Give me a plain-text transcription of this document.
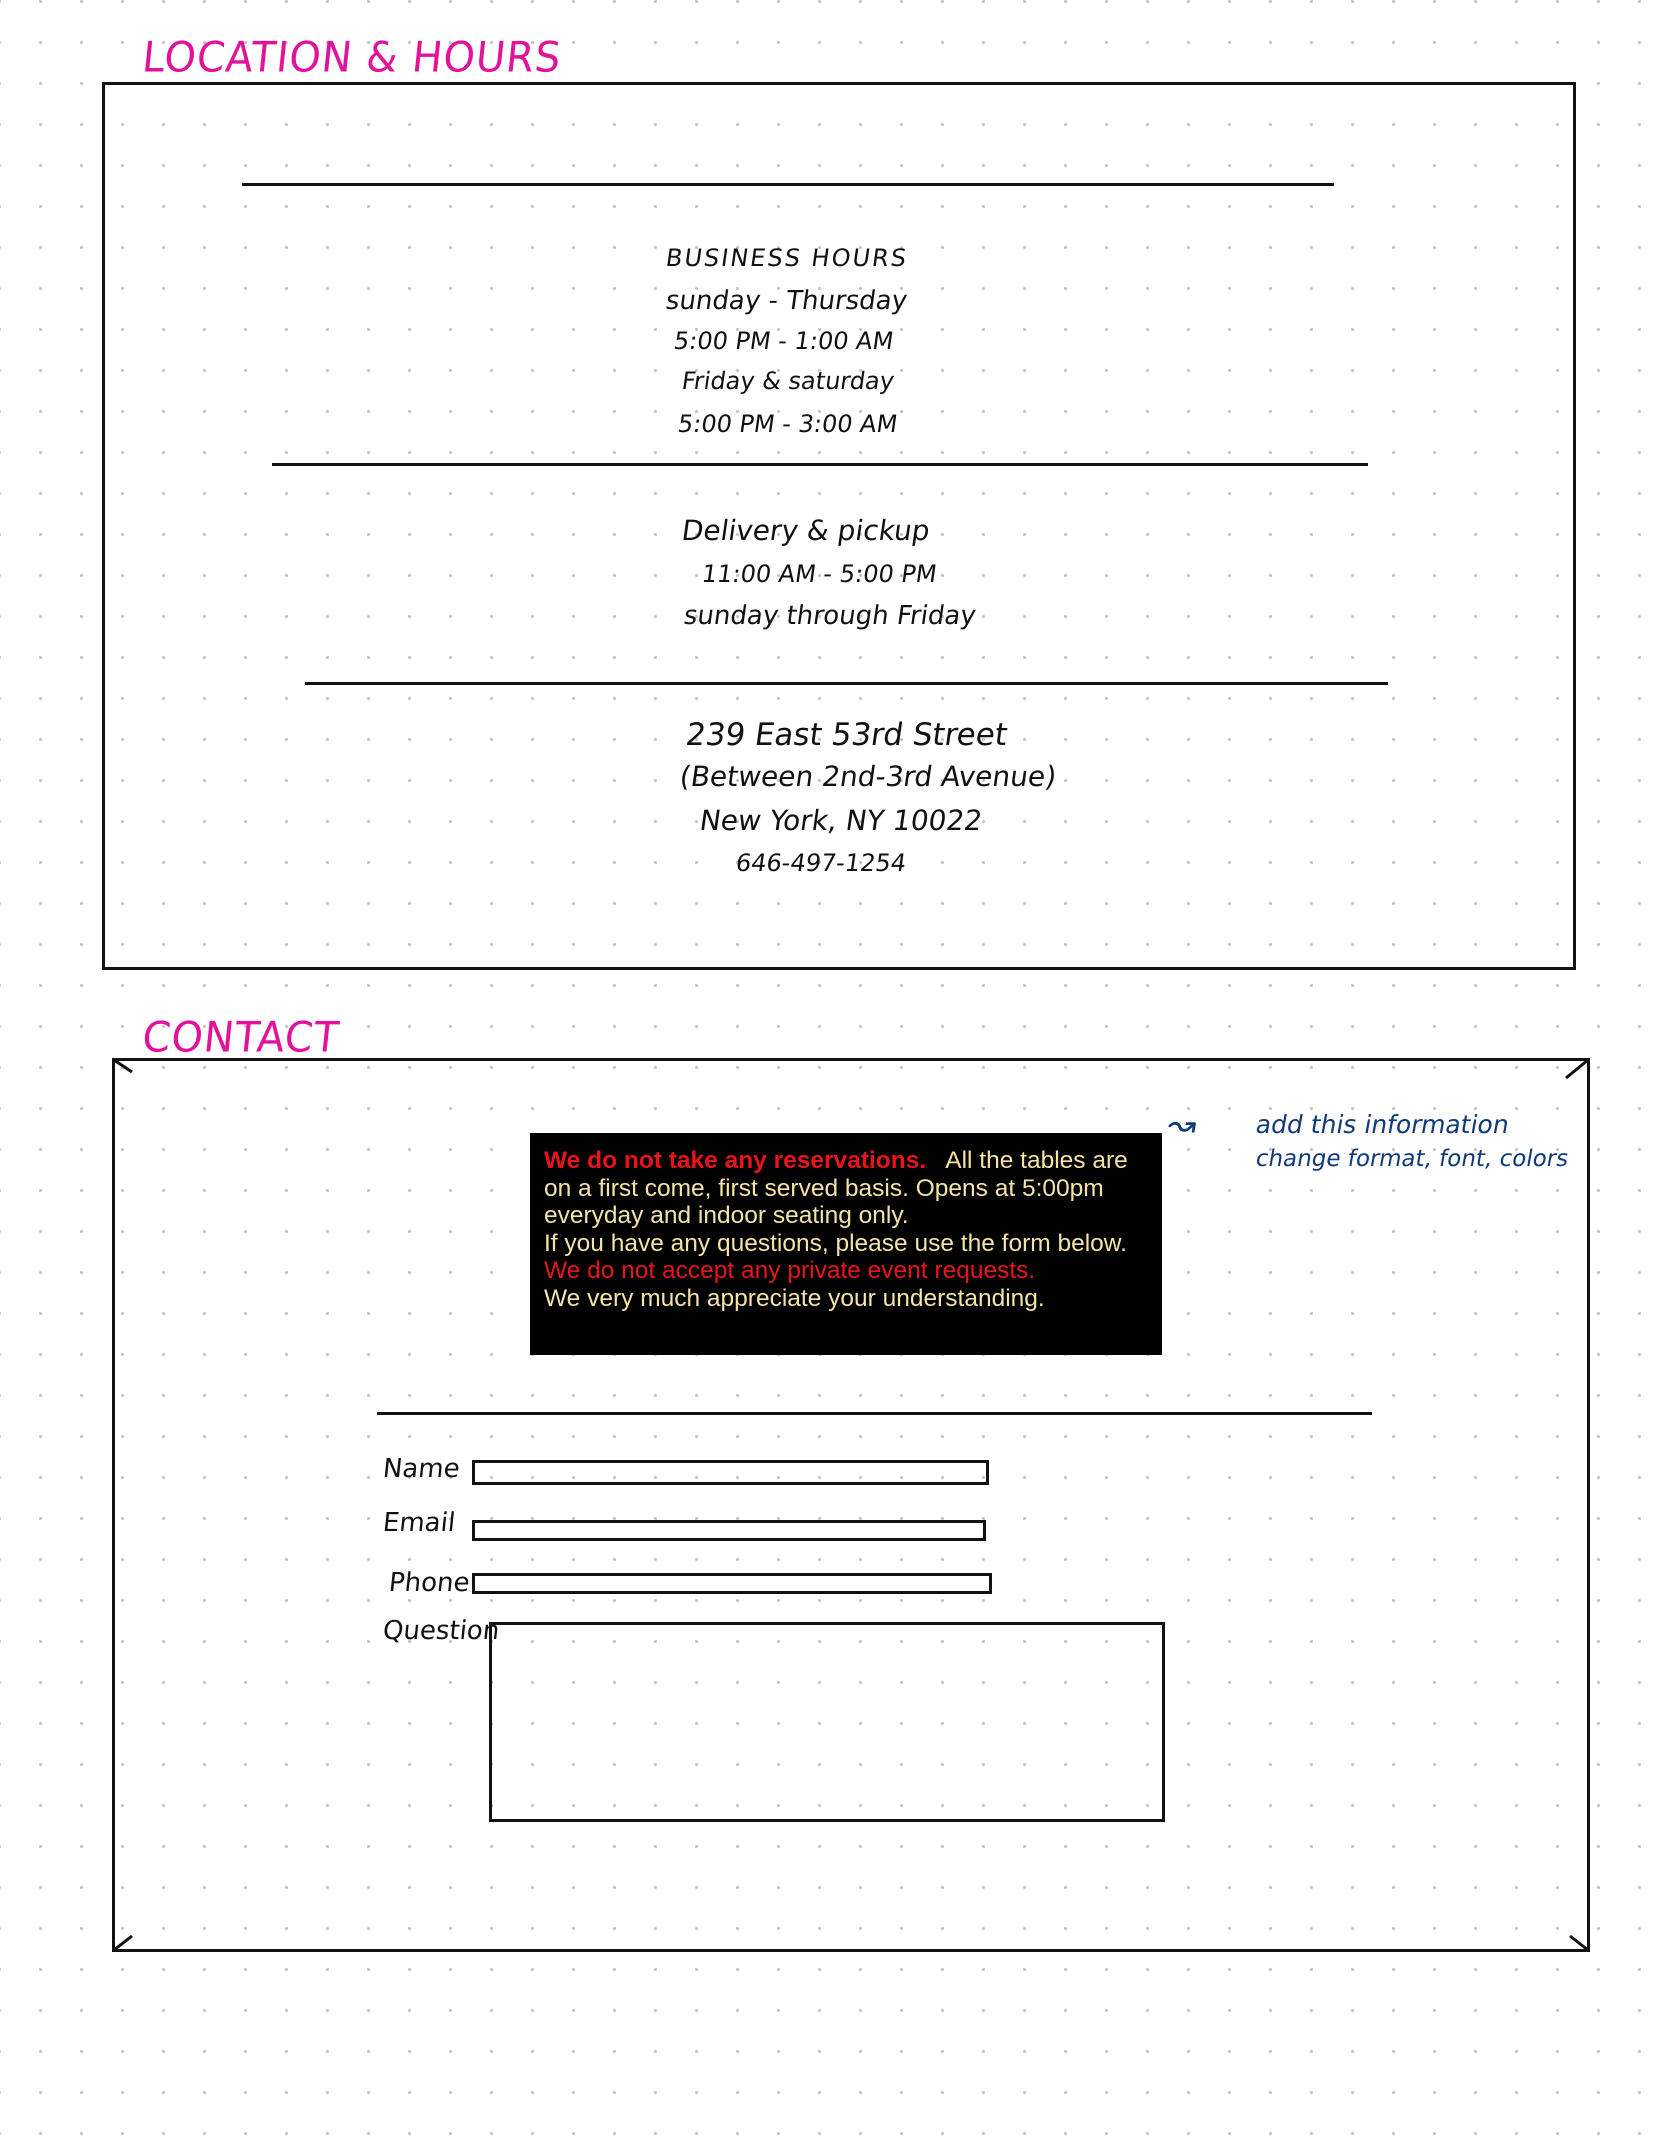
LOCATION & HOURS
BUSINESS HOURS
sunday - Thursday
5:00 PM - 1:00 AM
Friday & saturday
5:00 PM - 3:00 AM
Delivery & pickup
11:00 AM - 5:00 PM
sunday through Friday
239 East 53rd Street
(Between 2nd-3rd Avenue)
New York, NY 10022
646-497-1254
CONTACT
We do not take any reservations. All the tables are on a first come, first served basis. Opens at 5:00pm everyday and indoor seating only.
If you have any questions, please use the form below.   We do not accept any private event requests.
We very much appreciate your understanding.
↝ add this information
change format, font, colors
Name
Email
Phone
Question
